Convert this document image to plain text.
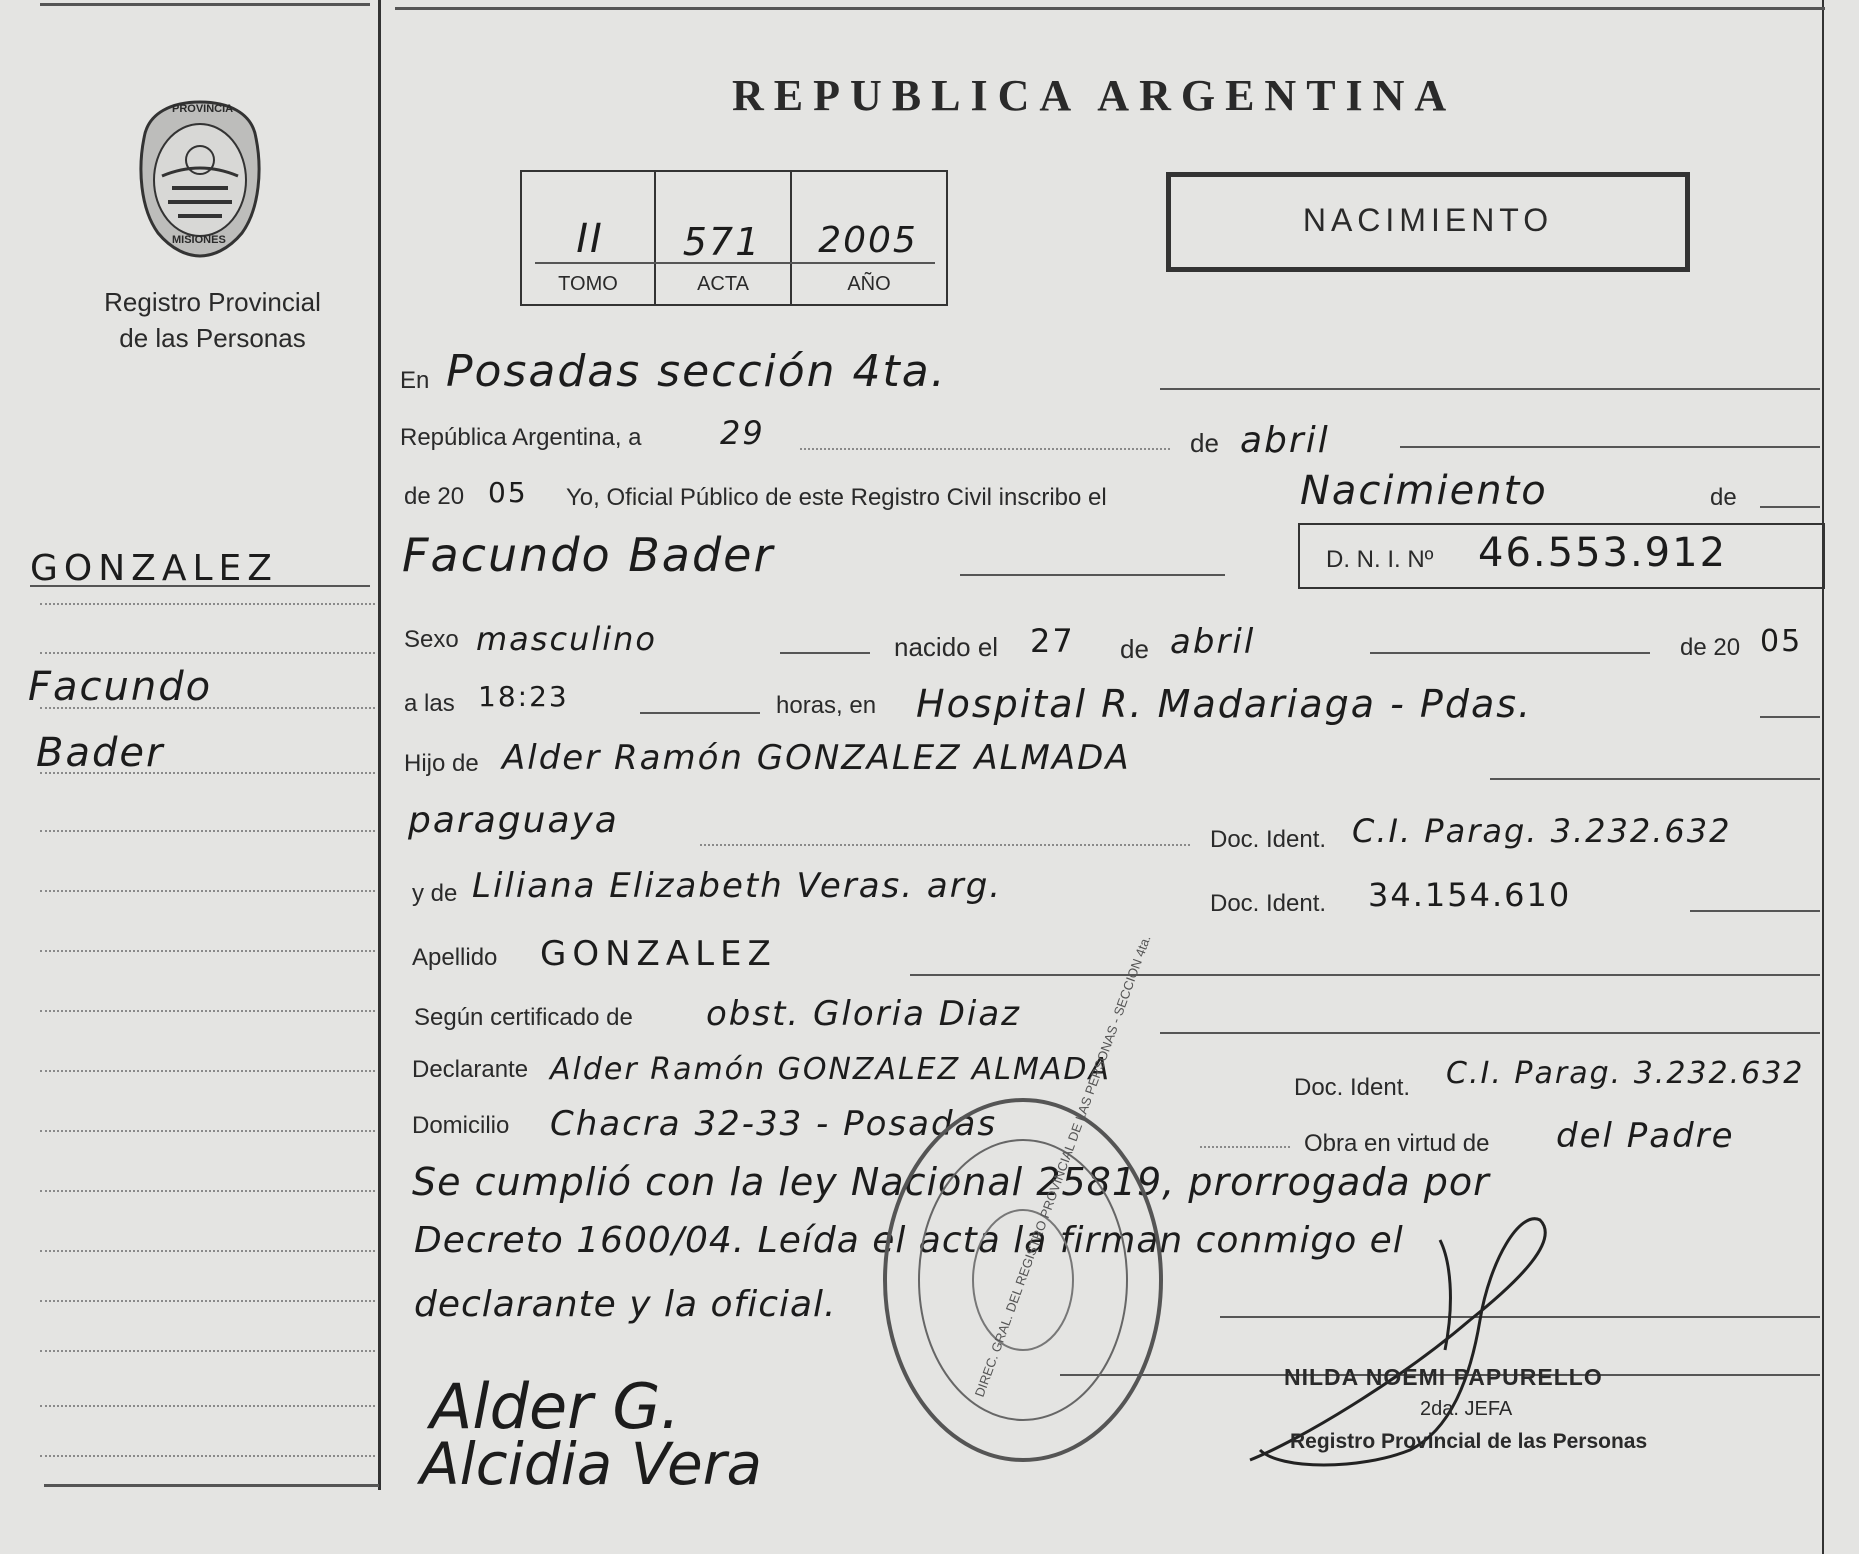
PROVINCIA
MISIONES
Registro Provincial
de las Personas
REPUBLICA ARGENTINA
II	571	2005
TOMO	ACTA	AÑO
NACIMIENTO
GONZALEZ
Facundo
Bader
En Posadas sección 4ta.
República Argentina, a 29	de abril
de 20 05 Yo, Oficial Público de este Registro Civil inscribo el	Nacimiento	de
Facundo Bader	D. N. I. Nº 46.553.912
Sexo masculino	nacido el 27 de abril	de 20 05
a las 18:23	horas, en Hospital R. Madariaga - Pdas.
Hijo de Alder Ramón GONZALEZ ALMADA
paraguaya	Doc. Ident. C.I. Parag. 3.232.632
y de Liliana Elizabeth Veras. arg.	Doc. Ident. 34.154.610
Apellido GONZALEZ
Según certificado de obst. Gloria Diaz
Declarante Alder Ramón GONZALEZ ALMADA
Doc. Ident. C.I. Parag. 3.232.632
Domicilio Chacra 32-33 - Posadas	Obra en virtud de del Padre
Se cumplió con la ley Nacional 25819, prorrogada por
Decreto 1600/04. Leída el acta la firman conmigo el
declarante y la oficial.	DIREC. GRAL. DEL REGISTRO PROVINCIAL DE LAS PERSONAS - SECCION 4ta.
Alder G.
Alcidia Vera
NILDA NOEMI PAPURELLO
2da. JEFA
Registro Provincial de las Personas
